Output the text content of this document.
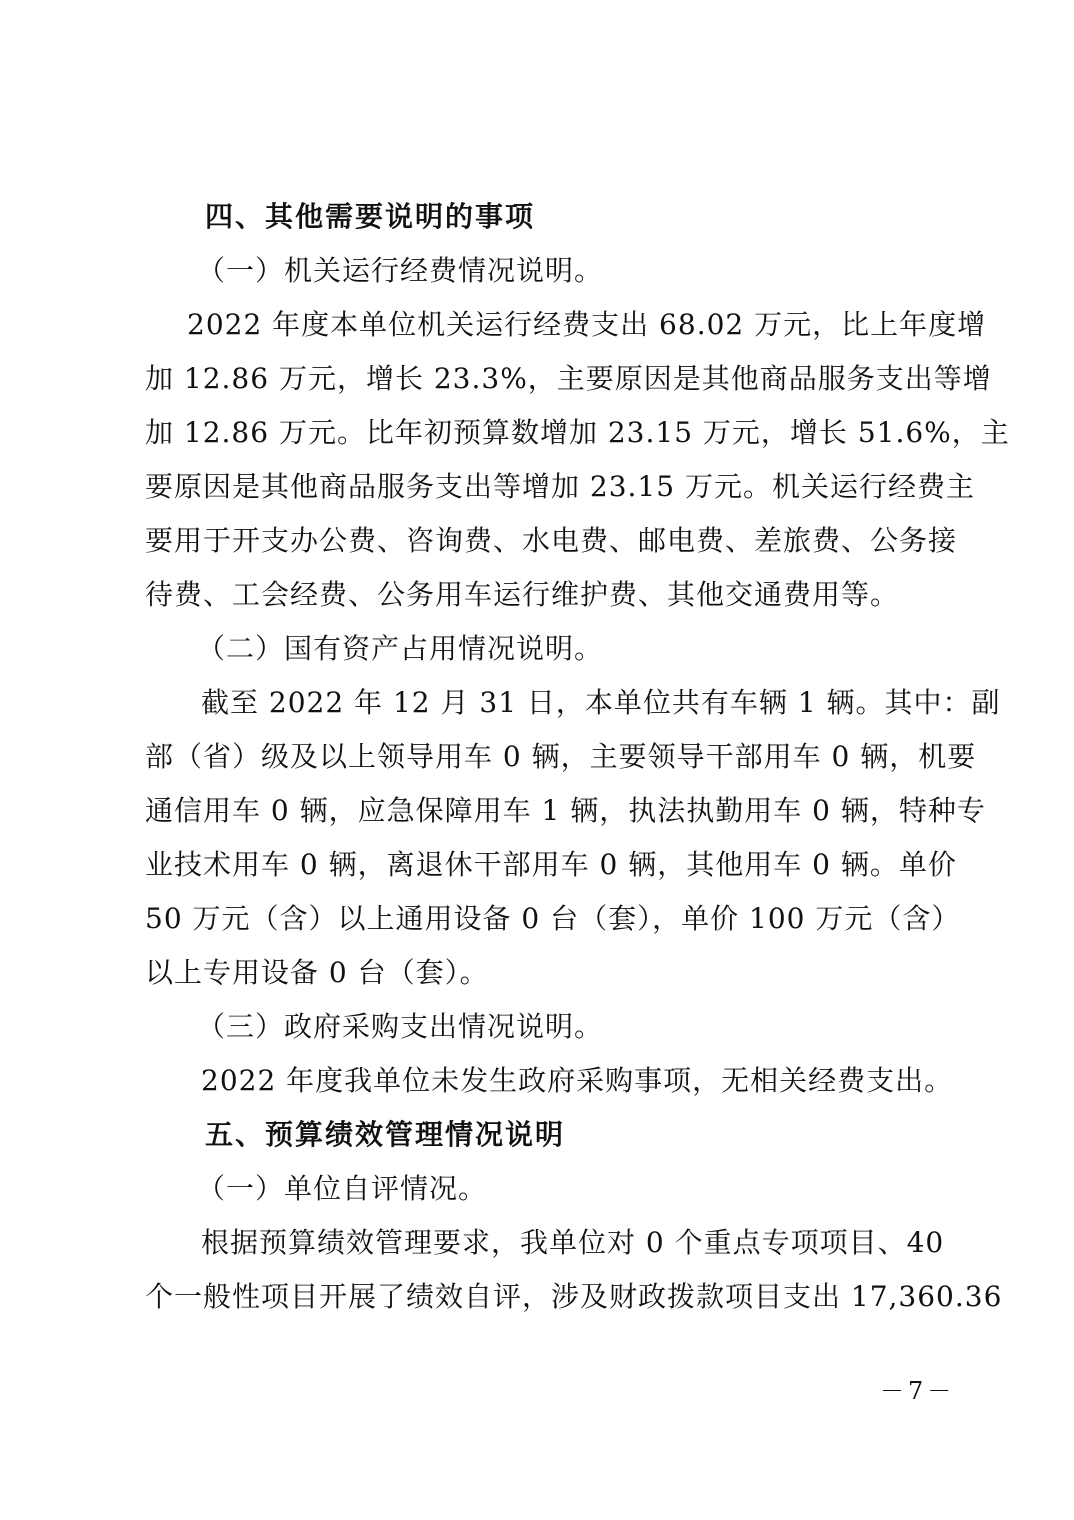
四、其他需要说明的事项
（一）机关运行经费情况说明。
2022 年度本单位机关运行经费支出 68.02 万元，比上年度增
加 12.86 万元，增长 23.3%，主要原因是其他商品服务支出等增
加 12.86 万元。比年初预算数增加 23.15 万元，增长 51.6%，主
要原因是其他商品服务支出等增加 23.15 万元。机关运行经费主
要用于开支办公费、咨询费、水电费、邮电费、差旅费、公务接
待费、工会经费、公务用车运行维护费、其他交通费用等。
（二）国有资产占用情况说明。
截至 2022 年 12 月 31 日，本单位共有车辆 1 辆。其中：副
部（省）级及以上领导用车 0 辆，主要领导干部用车 0 辆，机要
通信用车 0 辆，应急保障用车 1 辆，执法执勤用车 0 辆，特种专
业技术用车 0 辆，离退休干部用车 0 辆，其他用车 0 辆。单价
50 万元（含）以上通用设备 0 台（套），单价 100 万元（含）
以上专用设备 0 台（套）。
（三）政府采购支出情况说明。
2022 年度我单位未发生政府采购事项，无相关经费支出。
五、预算绩效管理情况说明
（一）单位自评情况。
根据预算绩效管理要求，我单位对 0 个重点专项项目、40
个一般性项目开展了绩效自评，涉及财政拨款项目支出 17,360.36
－7－
